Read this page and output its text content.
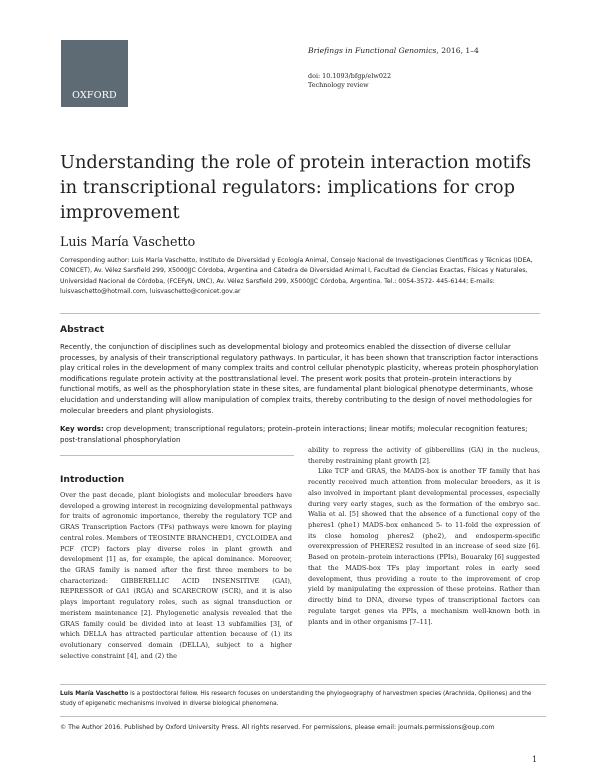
OXFORD
Briefings in Functional Genomics, 2016, 1–4
doi: 10.1093/bfgp/elw022
Technology review
Understanding the role of protein interaction motifs in transcriptional regulators: implications for crop improvement
Luis María Vaschetto
Corresponding author: Luis María Vaschetto, Instituto de Diversidad y Ecología Animal, Consejo Nacional de Investigaciones Científicas y Técnicas (IDEA, CONICET), Av. Vélez Sarsfield 299, X5000JJC Córdoba, Argentina and Cátedra de Diversidad Animal I, Facultad de Ciencias Exactas, Físicas y Naturales, Universidad Nacional de Córdoba, (FCEFyN, UNC), Av. Vélez Sarsfield 299, X5000JJC Córdoba, Argentina. Tel.: 0054-3572- 445-6144; E-mails: luisvaschetto@hotmail.com, luisvaschetto@conicet.gov.ar
Abstract
Recently, the conjunction of disciplines such as developmental biology and proteomics enabled the dissection of diverse cellular processes, by analysis of their transcriptional regulatory pathways. In particular, it has been shown that transcription factor interactions play critical roles in the development of many complex traits and control cellular phenotypic plasticity, whereas protein phosphorylation modifications regulate protein activity at the posttranslational level. The present work posits that protein–protein interactions by functional motifs, as well as the phosphorylation state in these sites, are fundamental plant biological phenotype determinants, whose elucidation and understanding will allow manipulation of complex traits, thereby contributing to the design of novel methodologies for molecular breeders and plant physiologists.
Key words: crop development; transcriptional regulators; protein–protein interactions; linear motifs; molecular recognition features; post-translational phosphorylation
Introduction

Over the past decade, plant biologists and molecular breeders have developed a growing interest in recognizing developmental pathways for traits of agronomic importance, thereby the regulatory TCP and GRAS Transcription Factors (TFs) pathways were known for playing central roles. Members of TEOSINTE BRANCHED1, CYCLOIDEA and PCF (TCP) factors play diverse roles in plant growth and development [1] as, for example, the apical dominance. Moreover, the GRAS family is named after the first three members to be characterized: GIBBERELLIC ACID INSENSITIVE (GAI), REPRESSOR of GA1 (RGA) and SCARECROW (SCR), and it is also plays important regulatory roles, such as signal transduction or meristem maintenance [2]. Phylogenetic analysis revealed that the GRAS family could be divided into at least 13 subfamilies [3], of which DELLA has attracted particular attention because of (1) its evolutionary conserved domain (DELLA), subject to a higher selective constraint [4], and (2) the

ability to repress the activity of gibberellins (GA) in the nucleus, thereby restraining plant growth [2].

Like TCP and GRAS, the MADS-box is another TF family that has recently received much attention from molecular breeders, as it is also involved in important plant developmental processes, especially during very early stages, such as the formation of the embryo sac. Walia et al. [5] showed that the absence of a functional copy of the pheres1 (phe1) MADS-box enhanced 5- to 11-fold the expression of its close homolog pheres2 (phe2), and endosperm-specific overexpression of PHERES2 resulted in an increase of seed size [6]. Based on protein–protein interactions (PPIs), Bouaraky [6] suggested that the MADS-box TFs play important roles in early seed development, thus providing a route to the improvement of crop yield by manipulating the expression of these proteins. Rather than directly bind to DNA, diverse types of transcriptional factors can regulate target genes via PPIs, a mechanism well-known both in plants and in other organisms [7–11].

Luis María Vaschetto is a postdoctoral fellow. His research focuses on understanding the phylogeography of harvestmen species (Arachnida, Opiliones) and the study of epigenetic mechanisms involved in diverse biological phenomena.
© The Author 2016. Published by Oxford University Press. All rights reserved. For permissions, please email: journals.permissions@oup.com
1
